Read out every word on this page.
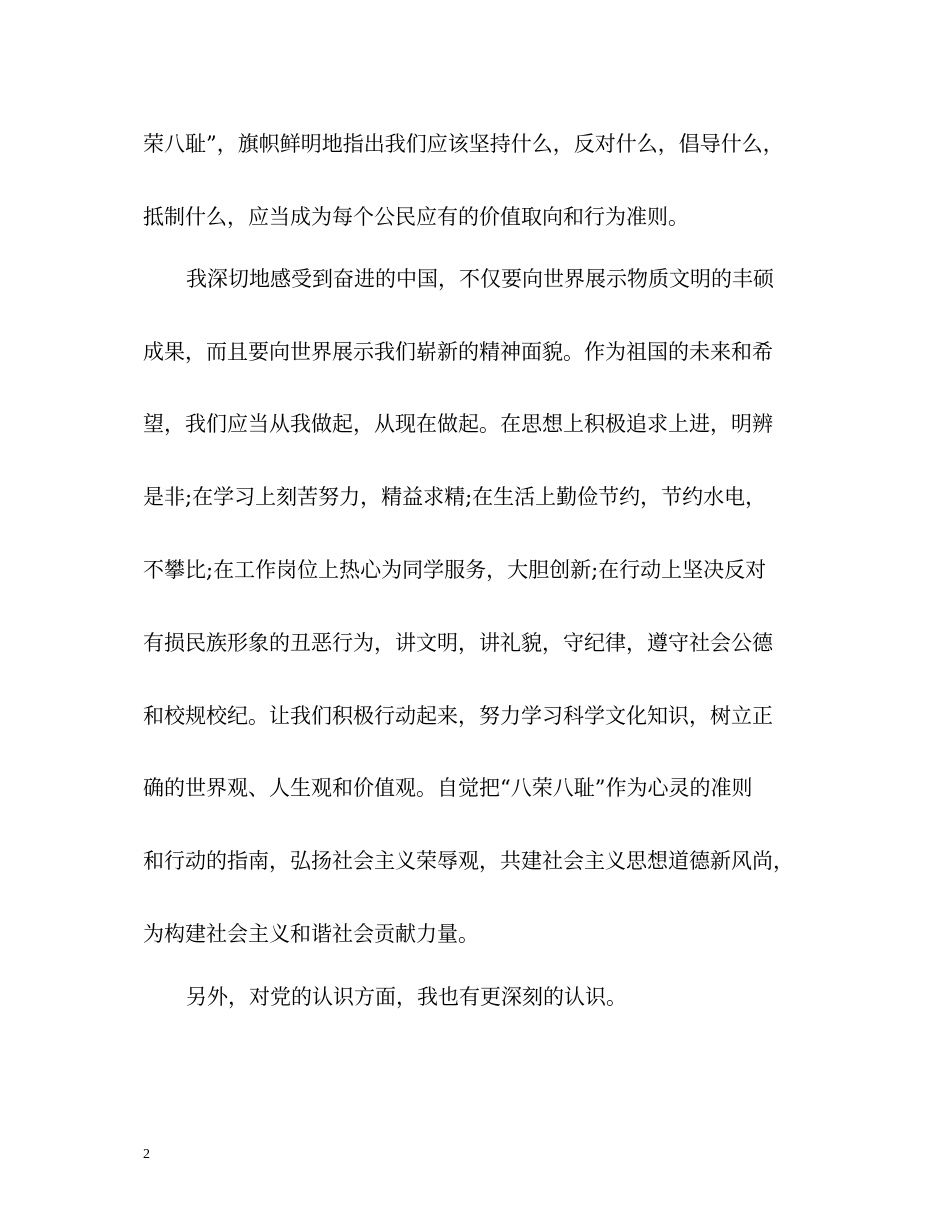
荣八耻”，旗帜鲜明地指出我们应该坚持什么，反对什么，倡导什么，
抵制什么，应当成为每个公民应有的价值取向和行为准则。
我深切地感受到奋进的中国，不仅要向世界展示物质文明的丰硕
成果，而且要向世界展示我们崭新的精神面貌。作为祖国的未来和希
望，我们应当从我做起，从现在做起。在思想上积极追求上进，明辨
是非;在学习上刻苦努力，精益求精;在生活上勤俭节约，节约水电，
不攀比;在工作岗位上热心为同学服务，大胆创新;在行动上坚决反对
有损民族形象的丑恶行为，讲文明，讲礼貌，守纪律，遵守社会公德
和校规校纪。让我们积极行动起来，努力学习科学文化知识，树立正
确的世界观、人生观和价值观。自觉把“八荣八耻”作为心灵的准则
和行动的指南，弘扬社会主义荣辱观，共建社会主义思想道德新风尚，
为构建社会主义和谐社会贡献力量。
另外，对党的认识方面，我也有更深刻的认识。
2
